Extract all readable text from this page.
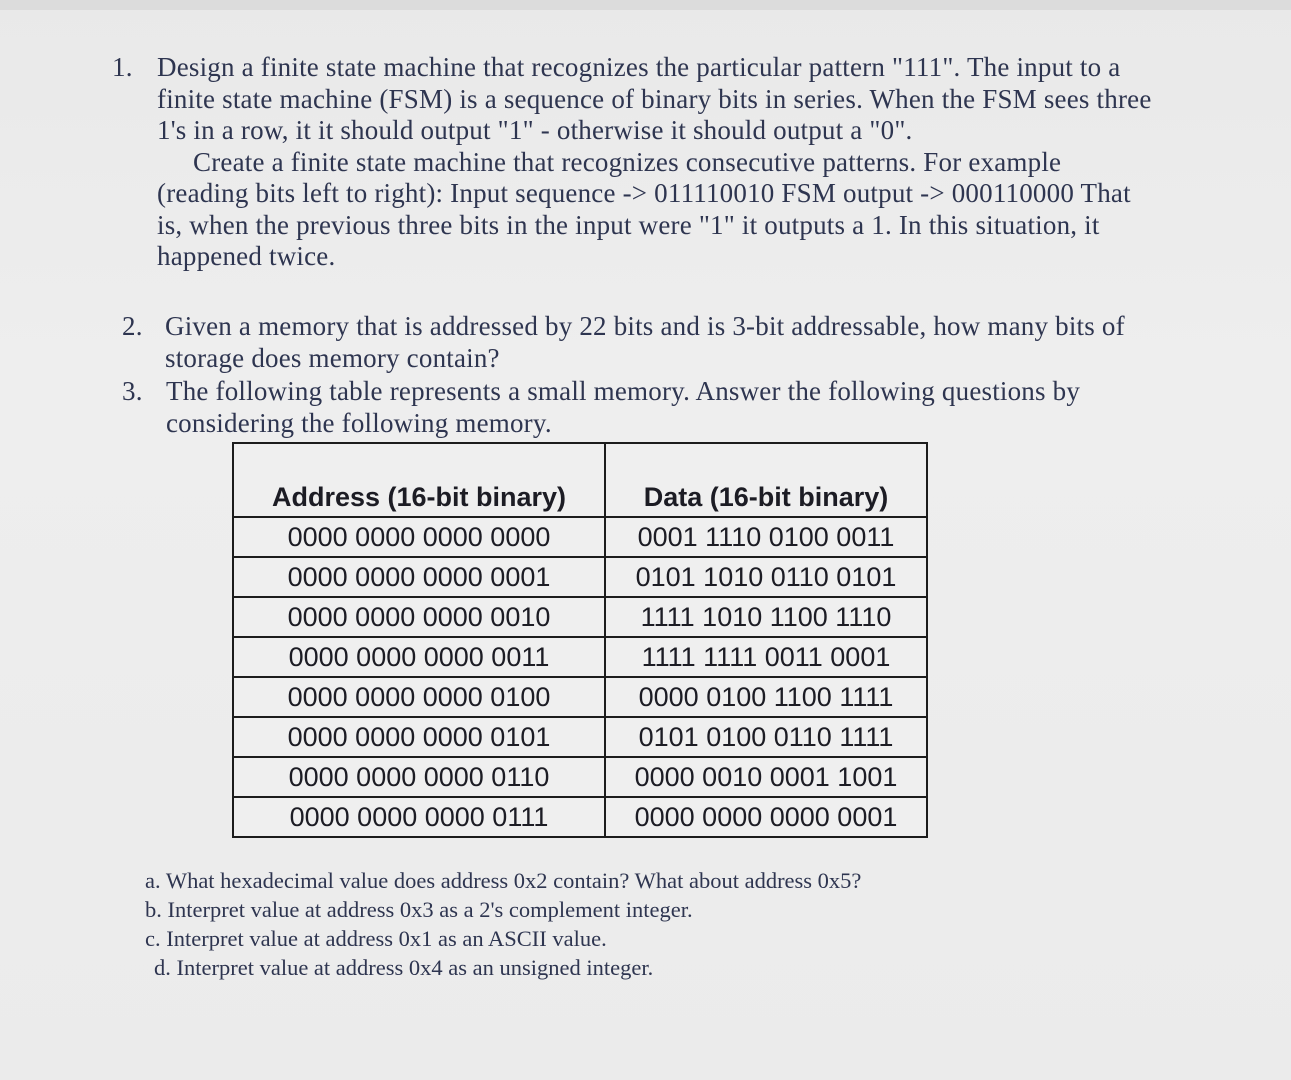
1. Design a finite state machine that recognizes the particular pattern "111". The input to a
finite state machine (FSM) is a sequence of binary bits in series. When the FSM sees three
1's in a row, it it should output "1" - otherwise it should output a "0".
Create a finite state machine that recognizes consecutive patterns. For example
(reading bits left to right): Input sequence -> 011110010 FSM output -> 000110000 That
is, when the previous three bits in the input were "1" it outputs a 1. In this situation, it
happened twice.
2. Given a memory that is addressed by 22 bits and is 3-bit addressable, how many bits of
storage does memory contain?
3. The following table represents a small memory. Answer the following questions by
considering the following memory.
Address (16-bit binary)	Data (16-bit binary)
0000 0000 0000 0000	0001 1110 0100 0011
0000 0000 0000 0001	0101 1010 0110 0101
0000 0000 0000 0010	1111 1010 1100 1110
0000 0000 0000 0011	1111 1111 0011 0001
0000 0000 0000 0100	0000 0100 1100 1111
0000 0000 0000 0101	0101 0100 0110 1111
0000 0000 0000 0110	0000 0010 0001 1001
0000 0000 0000 0111	0000 0000 0000 0001
a. What hexadecimal value does address 0x2 contain? What about address 0x5?
b. Interpret value at address 0x3 as a 2's complement integer.
c. Interpret value at address 0x1 as an ASCII value.
d. Interpret value at address 0x4 as an unsigned integer.
